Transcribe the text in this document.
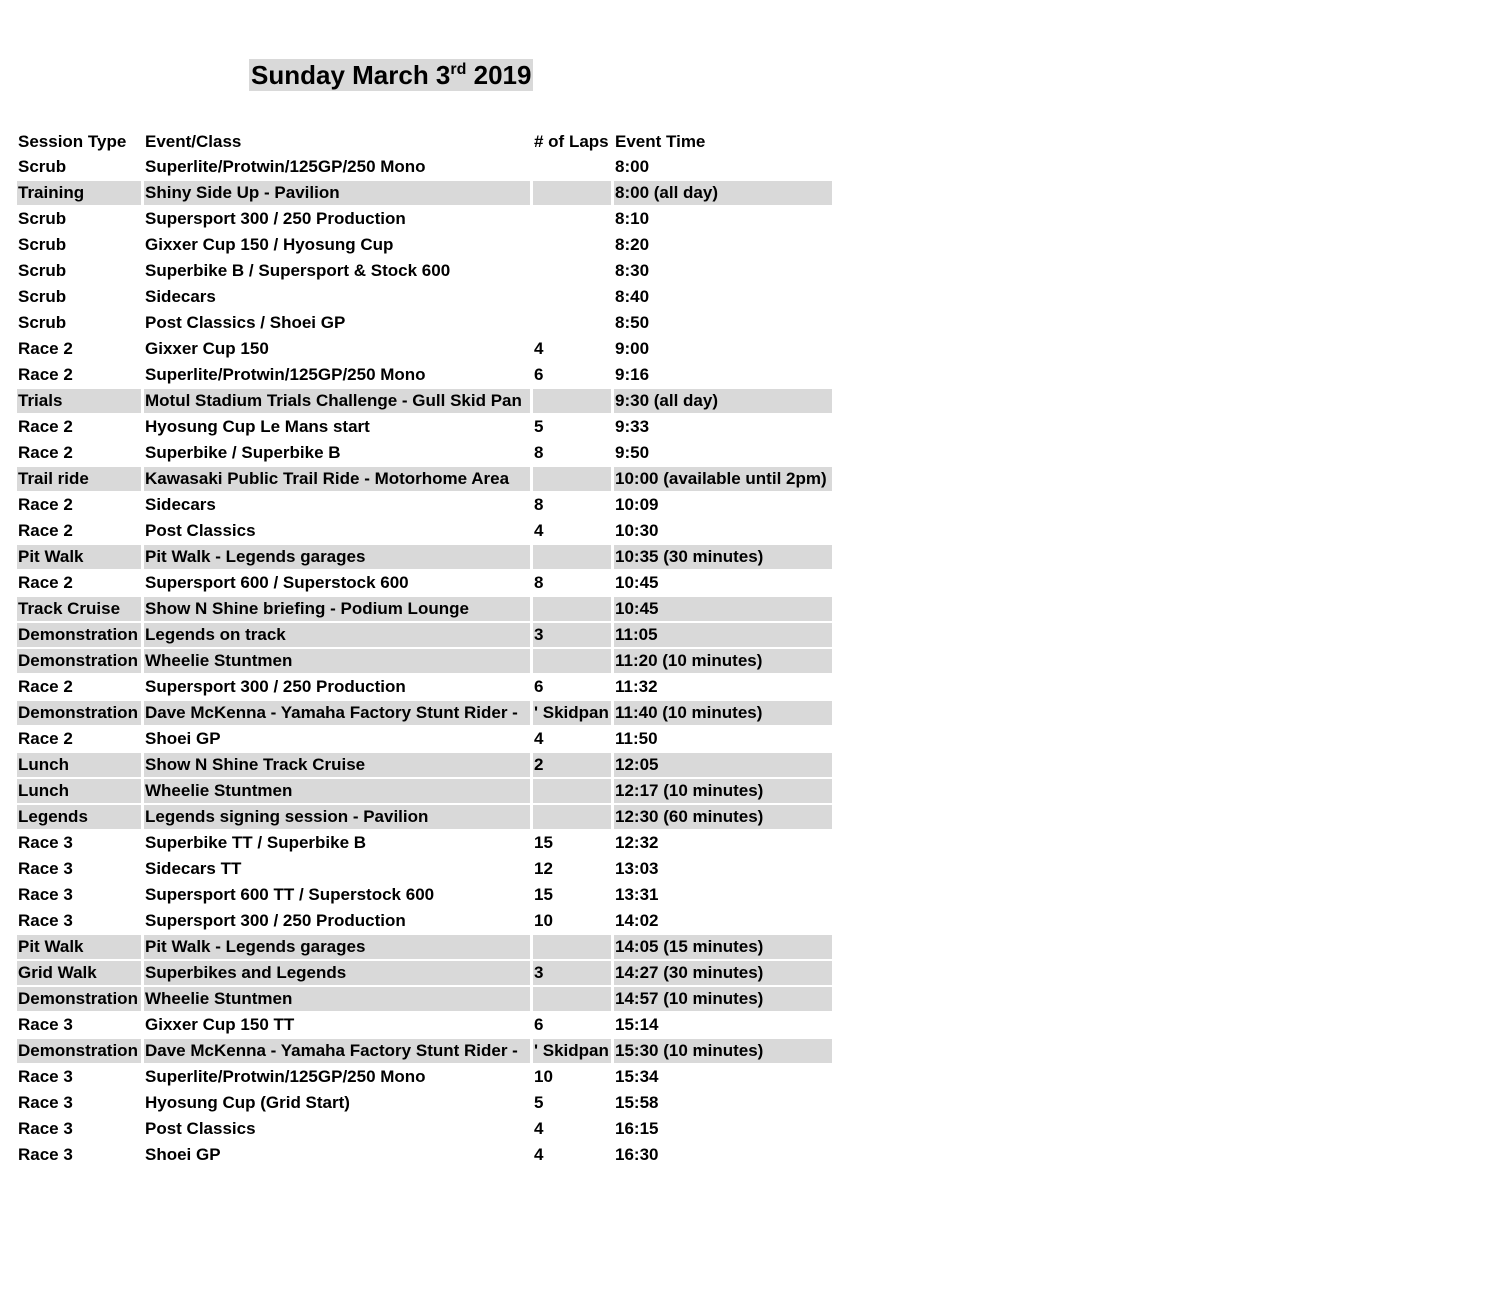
Sunday March 3rd 2019
Session Type	Event/Class	# of Laps	Event Time
Scrub	Superlite/Protwin/125GP/250 Mono		8:00
Training	Shiny Side Up - Pavilion		8:00 (all day)
Scrub	Supersport 300 / 250 Production		8:10
Scrub	Gixxer Cup 150 / Hyosung Cup		8:20
Scrub	Superbike B / Supersport & Stock 600		8:30
Scrub	Sidecars		8:40
Scrub	Post Classics / Shoei GP		8:50
Race 2	Gixxer Cup 150	4	9:00
Race 2	Superlite/Protwin/125GP/250 Mono	6	9:16
Trials	Motul Stadium Trials Challenge - Gull Skid Pan		9:30 (all day)
Race 2	Hyosung Cup Le Mans start	5	9:33
Race 2	Superbike / Superbike B	8	9:50
Trail ride	Kawasaki Public Trail Ride - Motorhome Area		10:00 (available until 2pm)
Race 2	Sidecars	8	10:09
Race 2	Post Classics	4	10:30
Pit Walk	Pit Walk - Legends garages		10:35 (30 minutes)
Race 2	Supersport 600 / Superstock 600	8	10:45
Track Cruise	Show N Shine briefing - Podium Lounge		10:45
Demonstration	Legends on track	3	11:05
Demonstration	Wheelie Stuntmen		11:20 (10 minutes)
Race 2	Supersport 300 / 250 Production	6	11:32
Demonstration	Dave McKenna - Yamaha Factory Stunt Rider -	' Skidpan	11:40 (10 minutes)
Race 2	Shoei GP	4	11:50
Lunch	Show N Shine Track Cruise	2	12:05
Lunch	Wheelie Stuntmen		12:17 (10 minutes)
Legends	Legends signing session - Pavilion		12:30 (60 minutes)
Race 3	Superbike TT / Superbike B	15	12:32
Race 3	Sidecars TT	12	13:03
Race 3	Supersport 600 TT / Superstock 600	15	13:31
Race 3	Supersport 300 / 250 Production	10	14:02
Pit Walk	Pit Walk - Legends garages		14:05 (15 minutes)
Grid Walk	Superbikes and Legends	3	14:27 (30 minutes)
Demonstration	Wheelie Stuntmen		14:57 (10 minutes)
Race 3	Gixxer Cup 150 TT	6	15:14
Demonstration	Dave McKenna - Yamaha Factory Stunt Rider -	' Skidpan	15:30 (10 minutes)
Race 3	Superlite/Protwin/125GP/250 Mono	10	15:34
Race 3	Hyosung Cup (Grid Start)	5	15:58
Race 3	Post Classics	4	16:15
Race 3	Shoei GP	4	16:30
